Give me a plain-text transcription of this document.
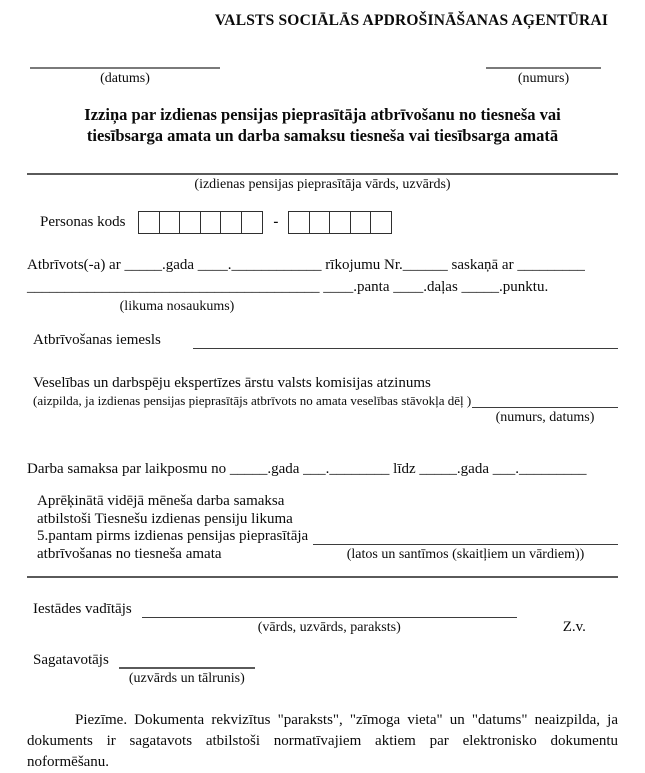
VALSTS SOCIĀLĀS APDROŠINĀŠANAS AĢENTŪRAI
(datums)	(numurs)
Izziņa par izdienas pensijas pieprasītāja atbrīvošanu no tiesneša vai
tiesībsarga amata un darba samaksu tiesneša vai tiesībsarga amatā
(izdienas pensijas pieprasītāja vārds, uzvārds)
Personas kods	-

Atbrīvots(-a) ar _____.gada ____.____________ rīkojumu Nr.______ saskaņā ar _________

_______________________________________ ____.panta ____.daļas _____.punktu.

(likuma nosaukums)
Atbrīvošanas iemesls
Veselības un darbspēju ekspertīzes ārstu valsts komisijas atzinums
(aizpilda, ja izdienas pensijas pieprasītājs atbrīvots no amata veselības stāvokļa dēļ )
(numurs, datums)
Darba samaksa par laikposmu no _____.gada ___.________ līdz _____.gada ___._________
Aprēķinātā vidējā mēneša darba samaksa
atbilstoši Tiesnešu izdienas pensiju likuma
5.pantam pirms izdienas pensijas pieprasītāja
atbrīvošanas no tiesneša amata	(latos un santīmos (skaitļiem un vārdiem))
Iestādes vadītājs
(vārds, uzvārds, paraksts)	Z.v.
Sagatavotājs
(uzvārds un tālrunis)

Piezīme. Dokumenta rekvizītus "paraksts", "zīmoga vieta" un "datums" neaizpilda, ja dokuments ir sagatavots atbilstoši normatīvajiem aktiem par elektronisko dokumentu noformēšanu.
